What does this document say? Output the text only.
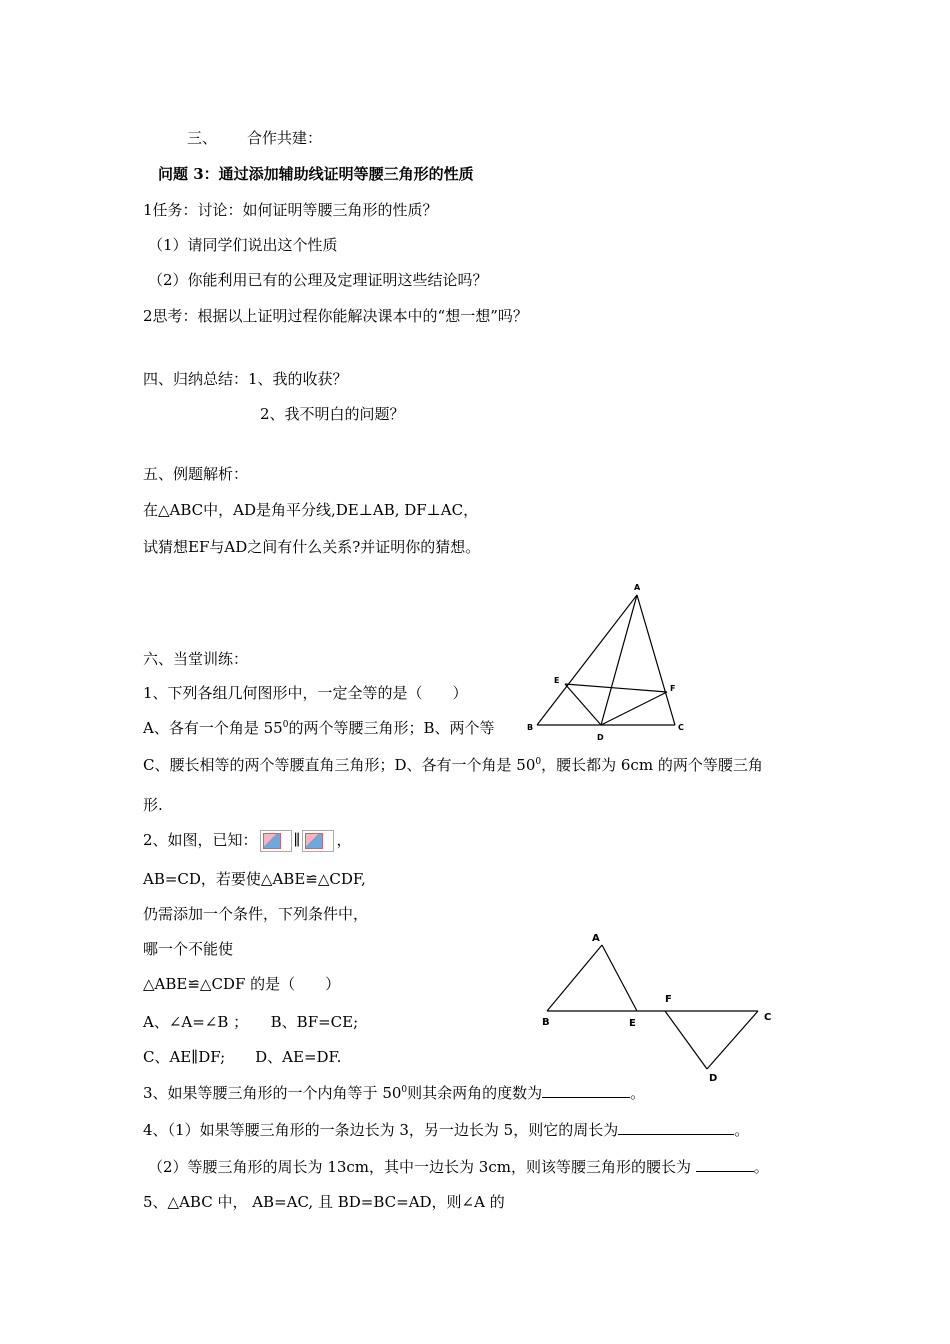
三、 合作共建：
问题 3：通过添加辅助线证明等腰三角形的性质
1任务：讨论：如何证明等腰三角形的性质？
（1）请同学们说出这个性质
（2）你能利用已有的公理及定理证明这些结论吗？
2思考：根据以上证明过程你能解决课本中的“想一想”吗？
四、归纳总结：1、我的收获？
2、我不明白的问题？
五、例题解析：
在△ABC中，AD是角平分线,DE⊥AB, DF⊥AC，
试猜想EF与AD之间有什么关系?并证明你的猜想。
A
B	C
D
E
F
六、当堂训练：
1、下列各组几何图形中，一定全等的是（　　）
A、各有一个角是 $55^0$的两个等腰三角形；B、两个等
C、腰长相等的两个等腰直角三角形；D、各有一个角是 $50^0$，腰长都为 6cm 的两个等腰三角
形.
2、如图，已知： ∥ ，
AB=CD，若要使△ABE≌△CDF,
仍需添加一个条件，下列条件中，
哪一个不能使
△ABE≌△CDF 的是（　　）
A、∠A=∠B ；　　B、BF=CE;
C、AE∥DF;　　D、AE=DF.
A
B	E
F
C
D
3、如果等腰三角形的一个内角等于 $50^0$则其余两角的度数为	。
4、（1）如果等腰三角形的一条边长为 3，另一边长为 5，则它的周长为	。
（2）等腰三角形的周长为 13cm，其中一边长为 3cm，则该等腰三角形的腰长为	。
5、△ABC 中， AB=AC, 且 BD=BC=AD，则∠A 的
